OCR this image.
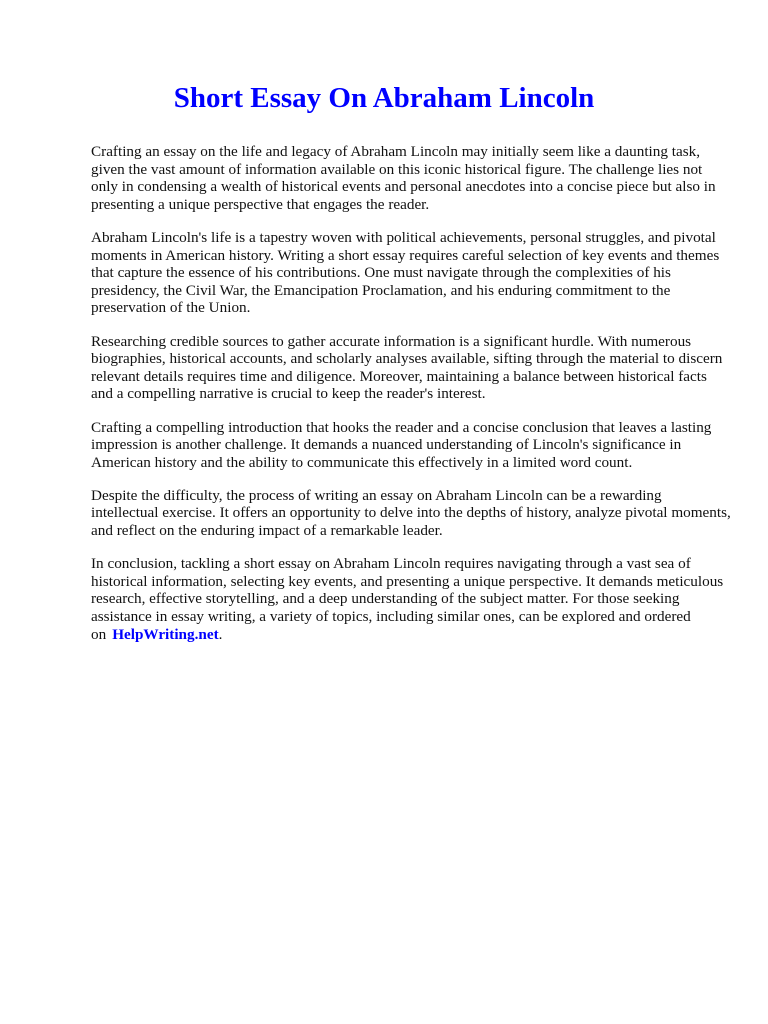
Short Essay On Abraham Lincoln

Crafting an essay on the life and legacy of Abraham Lincoln may initially seem like a daunting task, given the vast amount of information available on this iconic historical figure. The challenge lies not only in condensing a wealth of historical events and personal anecdotes into a concise piece but also in presenting a unique perspective that engages the reader.

Abraham Lincoln's life is a tapestry woven with political achievements, personal struggles, and pivotal moments in American history. Writing a short essay requires careful selection of key events and themes that capture the essence of his contributions. One must navigate through the complexities of his presidency, the Civil War, the Emancipation Proclamation, and his enduring commitment to the preservation of the Union.

Researching credible sources to gather accurate information is a significant hurdle. With numerous biographies, historical accounts, and scholarly analyses available, sifting through the material to discern relevant details requires time and diligence. Moreover, maintaining a balance between historical facts and a compelling narrative is crucial to keep the reader's interest.

Crafting a compelling introduction that hooks the reader and a concise conclusion that leaves a lasting impression is another challenge. It demands a nuanced understanding of Lincoln's significance in American history and the ability to communicate this effectively in a limited word count.

Despite the difficulty, the process of writing an essay on Abraham Lincoln can be a rewarding intellectual exercise. It offers an opportunity to delve into the depths of history, analyze pivotal moments, and reflect on the enduring impact of a remarkable leader.

In conclusion, tackling a short essay on Abraham Lincoln requires navigating through a vast sea of historical information, selecting key events, and presenting a unique perspective. It demands meticulous research, effective storytelling, and a deep understanding of the subject matter. For those seeking assistance in essay writing, a variety of topics, including similar ones, can be explored and ordered on HelpWriting.net.
